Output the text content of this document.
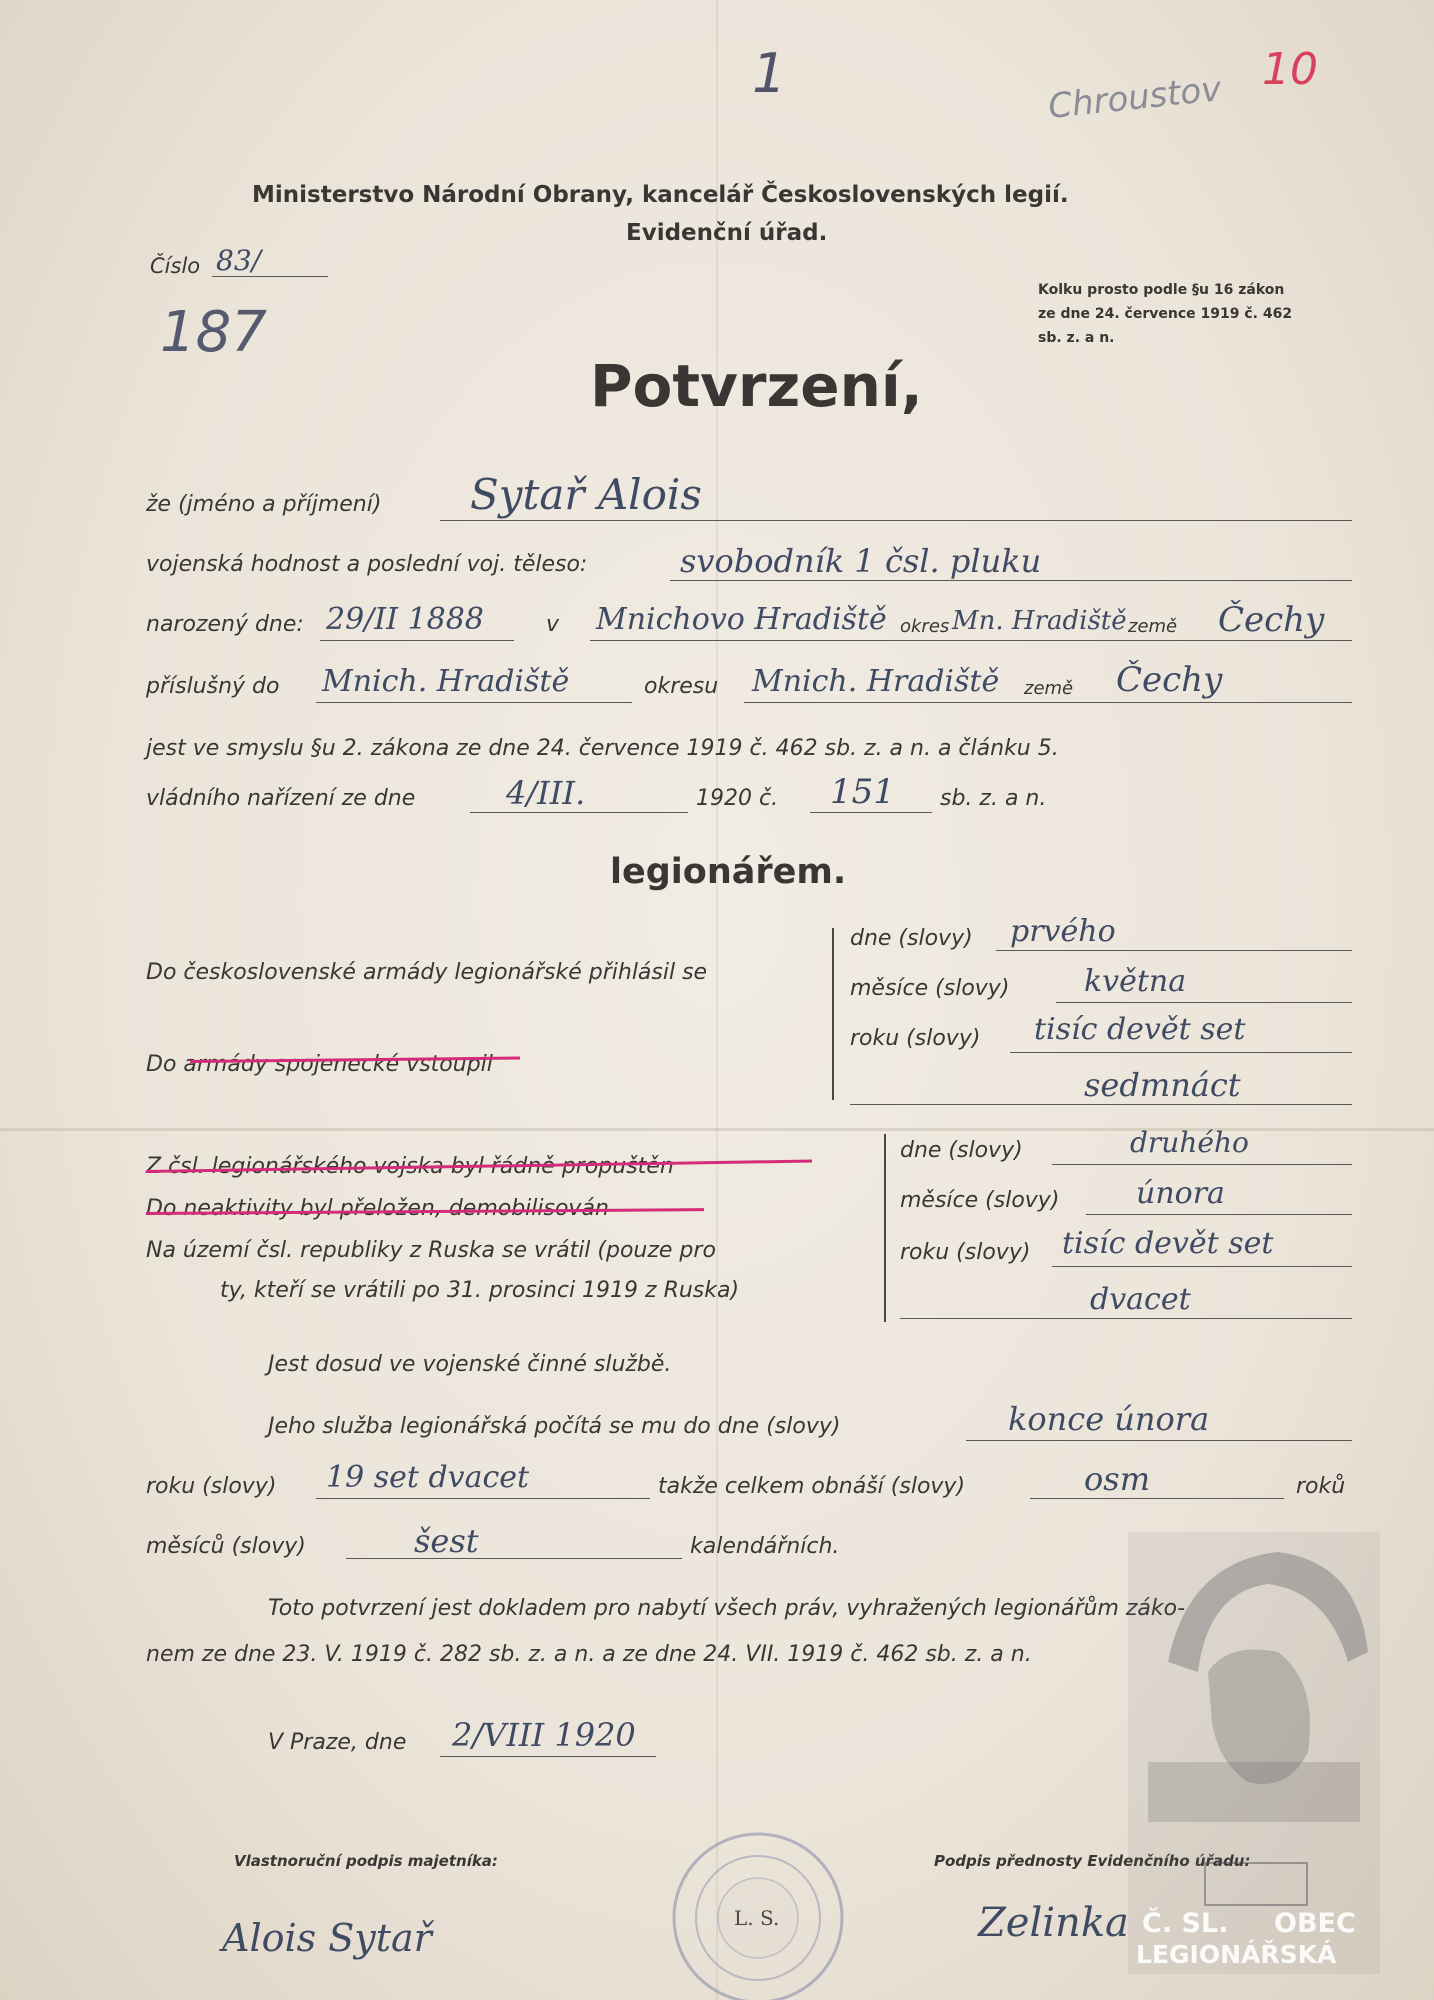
1	Chroustov 10
Ministerstvo Národní Obrany, kancelář Československých legií.
Evidenční úřad.
Číslo 83/
187
Kolku prosto podle §u 16 zákon
ze dne 24. července 1919 č. 462
sb. z. a n.
Potvrzení,
že (jméno a příjmení) Sytař Alois
vojenská hodnost a poslední voj. těleso:	svobodník 1 čsl. pluku
narozený dne: 29/II 1888	v Mnichovo Hradiště okres Mn. Hradiště země Čechy
příslušný do Mnich. Hradiště	okresu Mnich. Hradiště země Čechy
jest ve smyslu §u 2. zákona ze dne 24. července 1919 č. 462 sb. z. a n. a článku 5.
vládního nařízení ze dne	4/III.	1920 č. 151 sb. z. a n.
legionářem.
Do československé armády legionářské přihlásil se
Do armády spojenecké vstoupil
dne (slovy) prvého
měsíce (slovy) května
roku (slovy) tisíc devět set
sedmnáct
Z čsl. legionářského vojska byl řádně propuštěn
Do neaktivity byl přeložen, demobilisován
Na území čsl. republiky z Ruska se vrátil (pouze pro
ty, kteří se vrátili po 31. prosinci 1919 z Ruska)
dne (slovy)	druhého
měsíce (slovy)	února
roku (slovy) tisíc devět set
dvacet
Jest dosud ve vojenské činné službě.
Jeho služba legionářská počítá se mu do dne (slovy)	konce února
roku (slovy) 19 set dvacet	takže celkem obnáší (slovy)	osm	roků
měsíců (slovy)	šest	kalendářních.
Toto potvrzení jest dokladem pro nabytí všech práv, vyhražených legionářům záko-
nem ze dne 23. V. 1919 č. 282 sb. z. a n. a ze dne 24. VII. 1919 č. 462 sb. z. a n.
V Praze, dne 2/VIII 1920
Vlastnoruční podpis majetníka:
Alois Sytař	L. S.
Podpis přednosty Evidenčního úřadu:
Zelinka Č. SL. OBEC
LEGIONÁŘSKÁ
